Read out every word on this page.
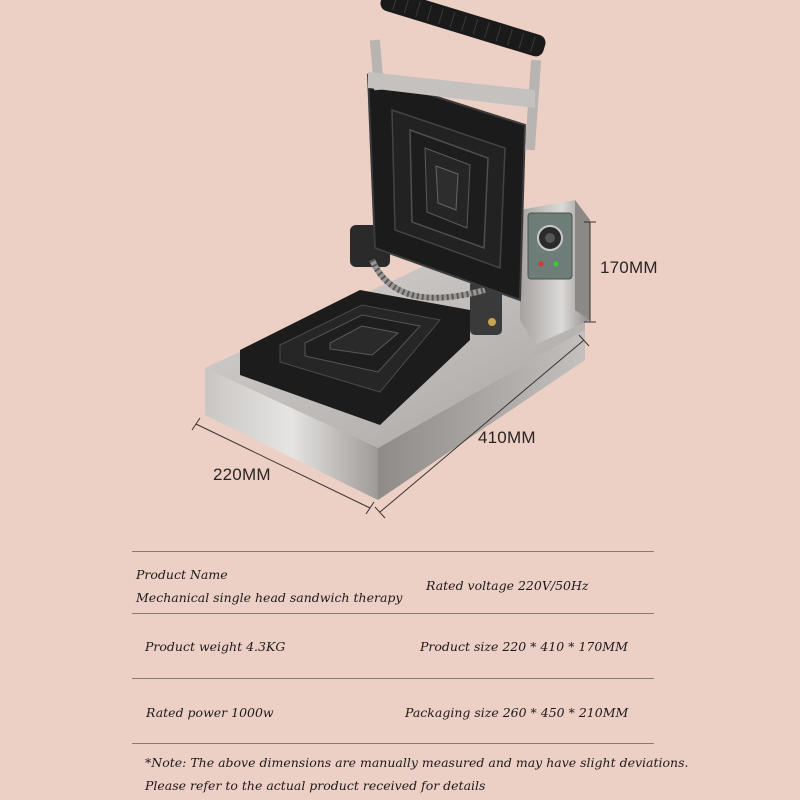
170MM
410MM
220MM
Product Name
Mechanical single head sandwich therapy
Rated voltage 220V/50Hz
Product weight 4.3KG	Product size 220 * 410 * 170MM
Rated power 1000w	Packaging size 260 * 450 * 210MM
*Note: The above dimensions are manually measured and may have slight deviations.
Please refer to the actual product received for details
